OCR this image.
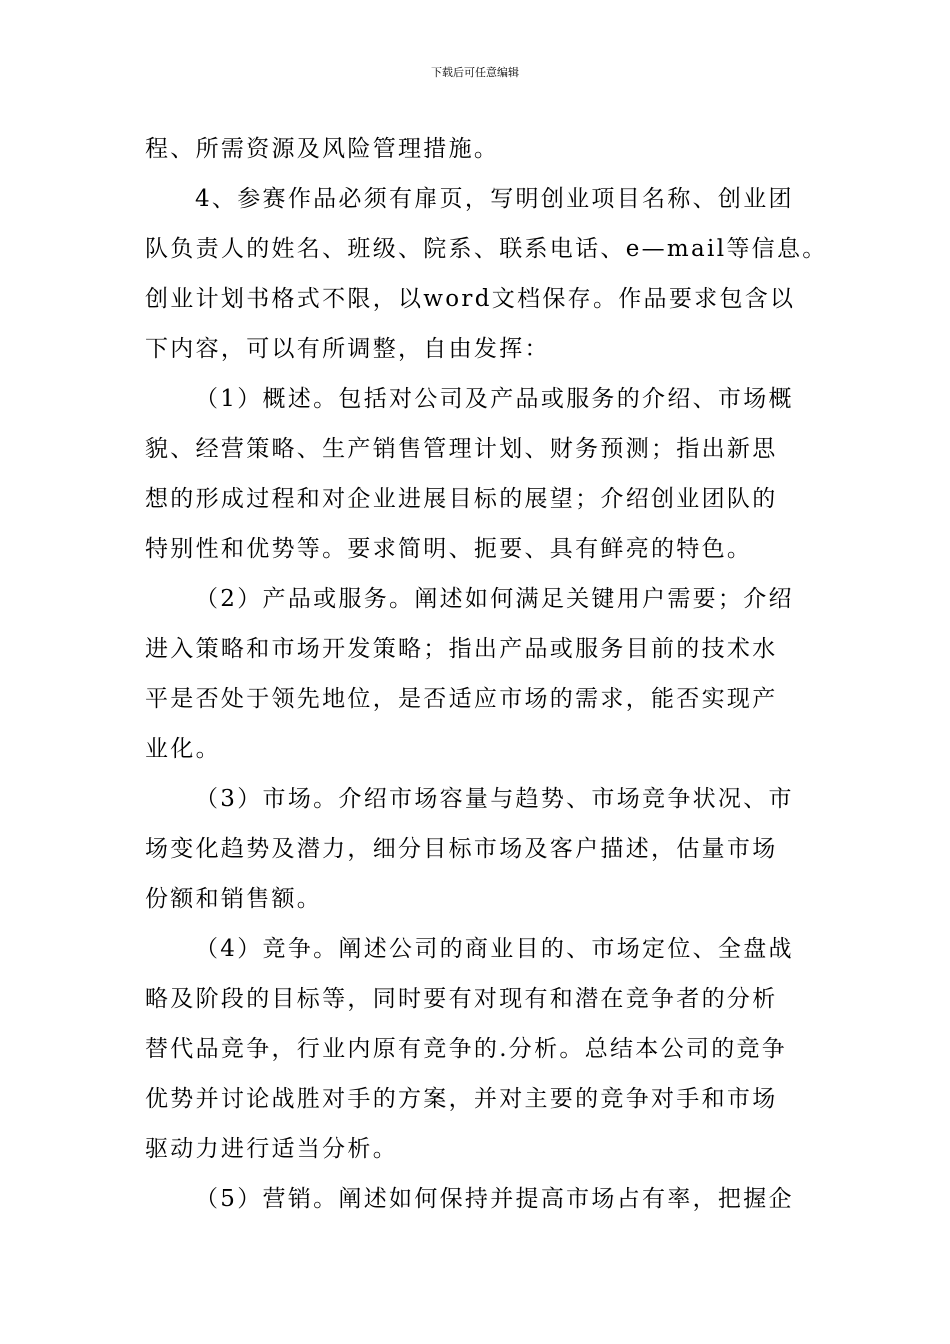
下载后可任意编辑
程、所需资源及风险管理措施。
4、参赛作品必须有扉页，写明创业项目名称、创业团
队负责人的姓名、班级、院系、联系电话、e—mail等信息。
创业计划书格式不限，以word文档保存。作品要求包含以
下内容，可以有所调整，自由发挥：
（1）概述。包括对公司及产品或服务的介绍、市场概
貌、经营策略、生产销售管理计划、财务预测；指出新思
想的形成过程和对企业进展目标的展望；介绍创业团队的
特别性和优势等。要求简明、扼要、具有鲜亮的特色。
（2）产品或服务。阐述如何满足关键用户需要；介绍
进入策略和市场开发策略；指出产品或服务目前的技术水
平是否处于领先地位，是否适应市场的需求，能否实现产
业化。
（3）市场。介绍市场容量与趋势、市场竞争状况、市
场变化趋势及潜力，细分目标市场及客户描述，估量市场
份额和销售额。
（4）竞争。阐述公司的商业目的、市场定位、全盘战
略及阶段的目标等，同时要有对现有和潜在竞争者的分析
替代品竞争，行业内原有竞争的.分析。总结本公司的竞争
优势并讨论战胜对手的方案，并对主要的竞争对手和市场
驱动力进行适当分析。
（5）营销。阐述如何保持并提高市场占有率，把握企
